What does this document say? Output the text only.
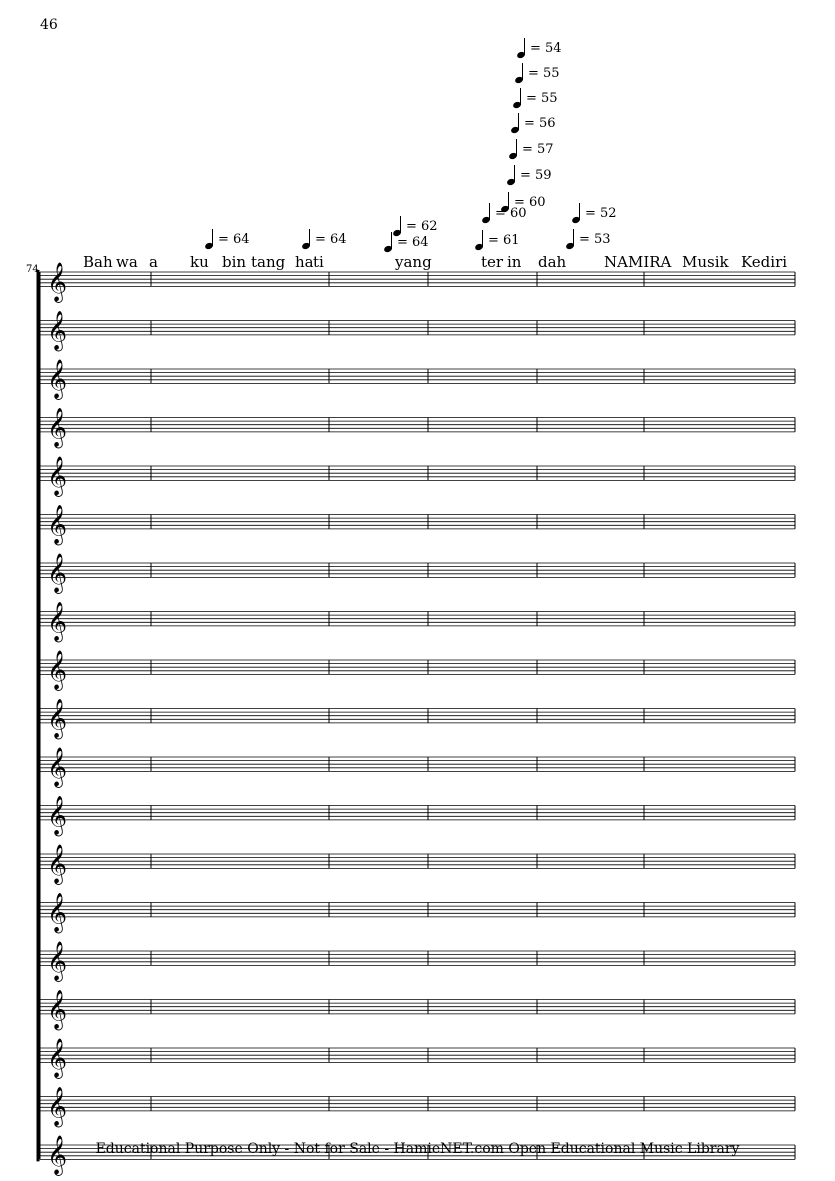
46
74	Bah wa a ku bin tang ha ti	yang	ter in dah	NAMIRA Musik Kediri
= 54
= 55
= 55
= 56
= 57
= 59
= 60
= 60
= 61
= 64	= 64
= 62
= 64
= 52
= 53
𝄞
𝄞
𝄞
𝄞
𝄞
𝄞
𝄞
𝄞
𝄞
𝄞
𝄞
𝄞
𝄞
𝄞
𝄞
𝄞
𝄞
𝄞
𝄞	Educational Purpose Only - Not for Sale - HamieNET.com Open Educational Music Library
